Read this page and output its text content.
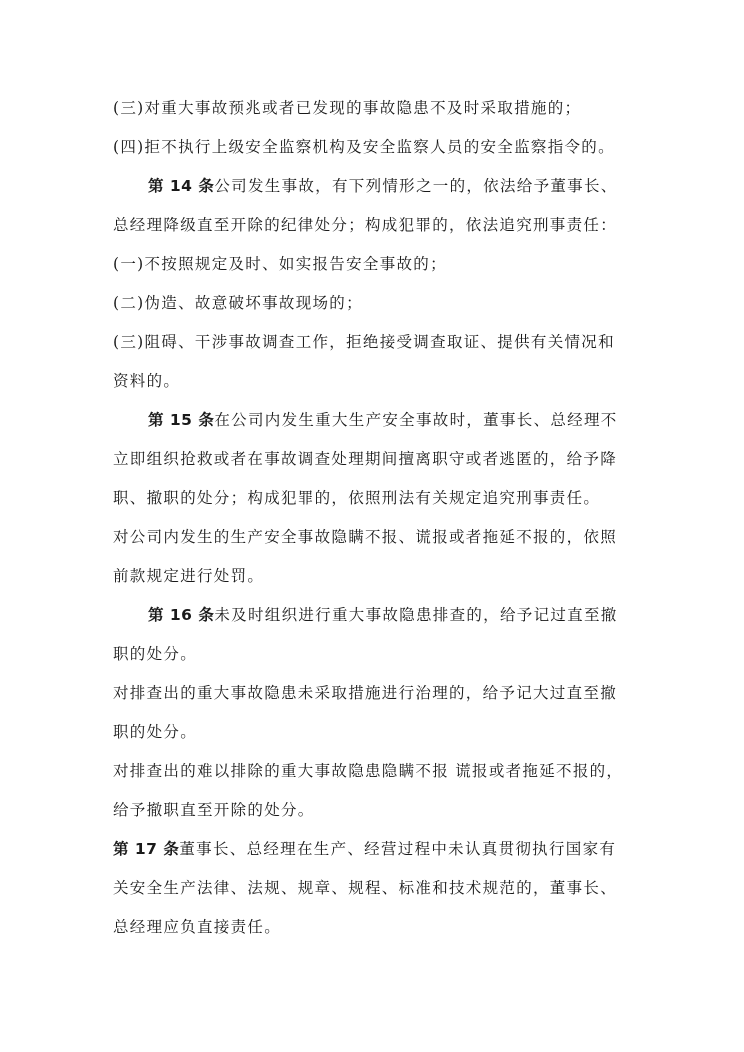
(三)对重大事故预兆或者已发现的事故隐患不及时采取措施的；
(四)拒不执行上级安全监察机构及安全监察人员的安全监察指令的。
第 14 条公司发生事故，有下列情形之一的，依法给予董事长、
总经理降级直至开除的纪律处分；构成犯罪的，依法追究刑事责任：
(一)不按照规定及时、如实报告安全事故的；
(二)伪造、故意破坏事故现场的；
(三)阻碍、干涉事故调查工作，拒绝接受调查取证、提供有关情况和
资料的。
第 15 条在公司内发生重大生产安全事故时，董事长、总经理不
立即组织抢救或者在事故调查处理期间擅离职守或者逃匿的，给予降
职、撤职的处分；构成犯罪的，依照刑法有关规定追究刑事责任。
对公司内发生的生产安全事故隐瞒不报、谎报或者拖延不报的，依照
前款规定进行处罚。
第 16 条未及时组织进行重大事故隐患排查的，给予记过直至撤
职的处分。
对排查出的重大事故隐患未采取措施进行治理的，给予记大过直至撤
职的处分。
对排查出的难以排除的重大事故隐患隐瞒不报 谎报或者拖延不报的，
给予撤职直至开除的处分。
第 17 条董事长、总经理在生产、经营过程中未认真贯彻执行国家有
关安全生产法律、法规、规章、规程、标准和技术规范的，董事长、
总经理应负直接责任。
